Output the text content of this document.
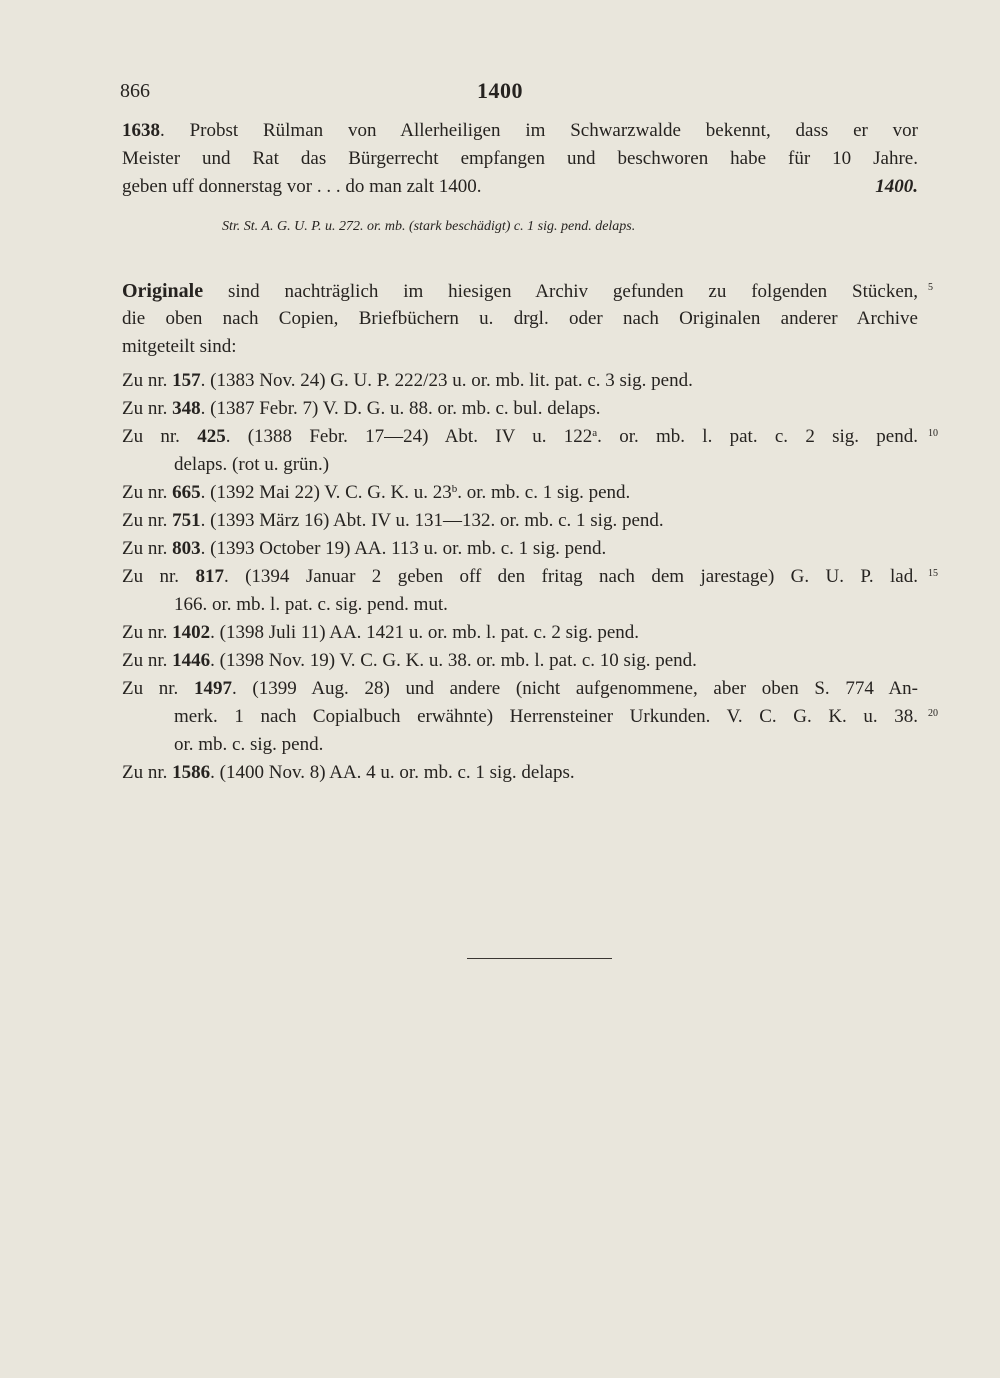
866	1400
1638. Probst Rülman von Allerheiligen im Schwarzwalde bekennt, dass er vor
Meister und Rat das Bürgerrecht empfangen und beschworen habe für 10 Jahre.
geben uff donnerstag vor . . . do man zalt 1400.	1400.
Str. St. A. G. U. P. u. 272. or. mb. (stark beschädigt) c. 1 sig. pend. delaps.
Originale sind nachträglich im hiesigen Archiv gefunden zu folgenden Stücken,
die oben nach Copien, Briefbüchern u. drgl. oder nach Originalen anderer Archive
mitgeteilt sind:
Zu nr. 157. (1383 Nov. 24) G. U. P. 222/23 u. or. mb. lit. pat. c. 3 sig. pend.
Zu nr. 348. (1387 Febr. 7) V. D. G. u. 88. or. mb. c. bul. delaps.
Zu nr. 425. (1388 Febr. 17—24) Abt. IV u. 122$^a$. or. mb. l. pat. c. 2 sig. pend.
delaps. (rot u. grün.)
Zu nr. 665. (1392 Mai 22) V. C. G. K. u. 23$^b$. or. mb. c. 1 sig. pend.
Zu nr. 751. (1393 März 16) Abt. IV u. 131—132. or. mb. c. 1 sig. pend.
Zu nr. 803. (1393 October 19) AA. 113 u. or. mb. c. 1 sig. pend.
Zu nr. 817. (1394 Januar 2 geben off den fritag nach dem jarestage) G. U. P. lad.
166. or. mb. l. pat. c. sig. pend. mut.
Zu nr. 1402. (1398 Juli 11) AA. 1421 u. or. mb. l. pat. c. 2 sig. pend.
Zu nr. 1446. (1398 Nov. 19) V. C. G. K. u. 38. or. mb. l. pat. c. 10 sig. pend.
Zu nr. 1497. (1399 Aug. 28) und andere (nicht aufgenommene, aber oben S. 774 An-
merk. 1 nach Copialbuch erwähnte) Herrensteiner Urkunden. V. C. G. K. u. 38.
or. mb. c. sig. pend.
Zu nr. 1586. (1400 Nov. 8) AA. 4 u. or. mb. c. 1 sig. delaps.
5
10
15
20
